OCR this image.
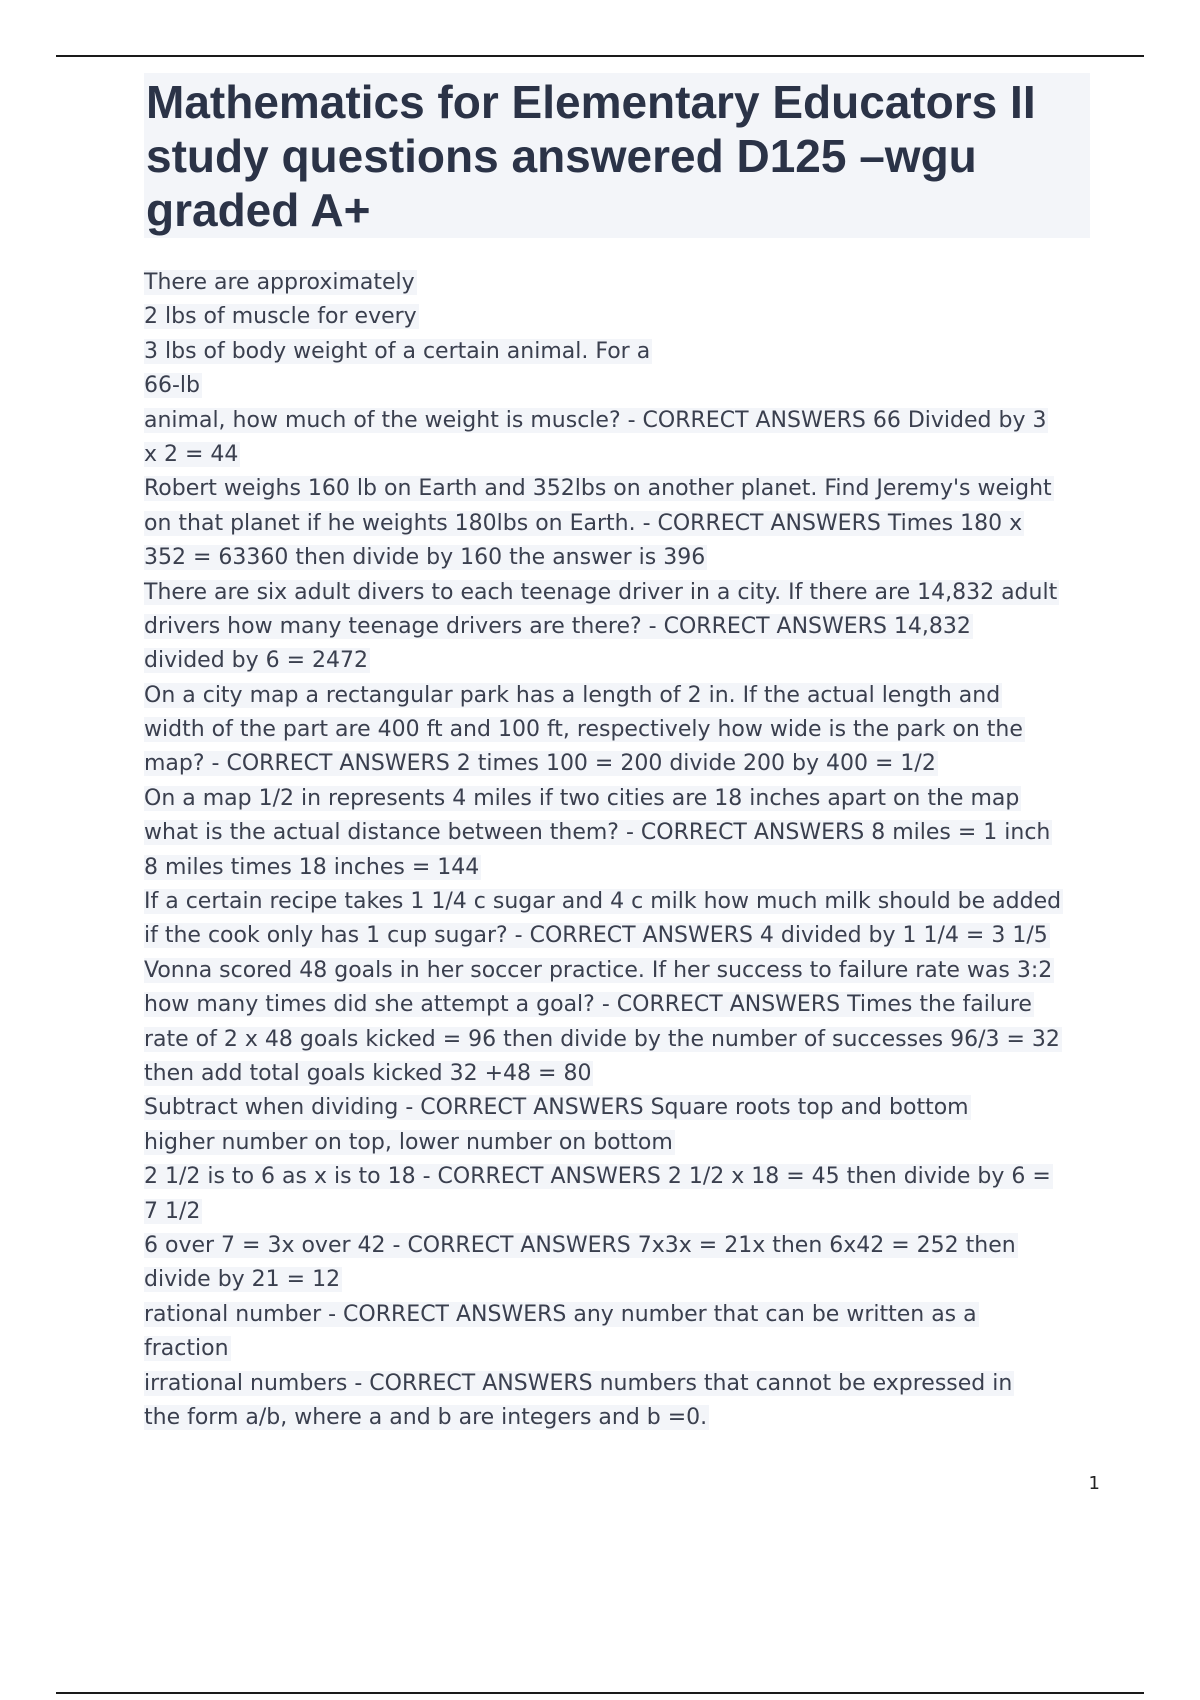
Mathematics for Elementary Educators II
study questions answered D125 –wgu
graded A+
There are approximately
2 lbs of muscle for every
3 lbs of body weight of a certain animal. For a
66-lb
animal, how much of the weight is muscle? - CORRECT ANSWERS 66 Divided by 3
x 2 = 44
Robert weighs 160 lb on Earth and 352lbs on another planet. Find Jeremy's weight
on that planet if he weights 180lbs on Earth. - CORRECT ANSWERS Times 180 x
352 = 63360 then divide by 160 the answer is 396
There are six adult divers to each teenage driver in a city. If there are 14,832 adult
drivers how many teenage drivers are there? - CORRECT ANSWERS 14,832
divided by 6 = 2472
On a city map a rectangular park has a length of 2 in. If the actual length and
width of the part are 400 ft and 100 ft, respectively how wide is the park on the
map? - CORRECT ANSWERS 2 times 100 = 200 divide 200 by 400 = 1/2
On a map 1/2 in represents 4 miles if two cities are 18 inches apart on the map
what is the actual distance between them? - CORRECT ANSWERS 8 miles = 1 inch
8 miles times 18 inches = 144
If a certain recipe takes 1 1/4 c sugar and 4 c milk how much milk should be added
if the cook only has 1 cup sugar? - CORRECT ANSWERS 4 divided by 1 1/4 = 3 1/5
Vonna scored 48 goals in her soccer practice. If her success to failure rate was 3:2
how many times did she attempt a goal? - CORRECT ANSWERS Times the failure
rate of 2 x 48 goals kicked = 96 then divide by the number of successes 96/3 = 32
then add total goals kicked 32 +48 = 80
Subtract when dividing - CORRECT ANSWERS Square roots top and bottom
higher number on top, lower number on bottom
2 1/2 is to 6 as x is to 18 - CORRECT ANSWERS 2 1/2 x 18 = 45 then divide by 6 =
7 1/2
6 over 7 = 3x over 42 - CORRECT ANSWERS 7x3x = 21x then 6x42 = 252 then
divide by 21 = 12
rational number - CORRECT ANSWERS any number that can be written as a
fraction
irrational numbers - CORRECT ANSWERS numbers that cannot be expressed in
the form a/b, where a and b are integers and b =0.
1
